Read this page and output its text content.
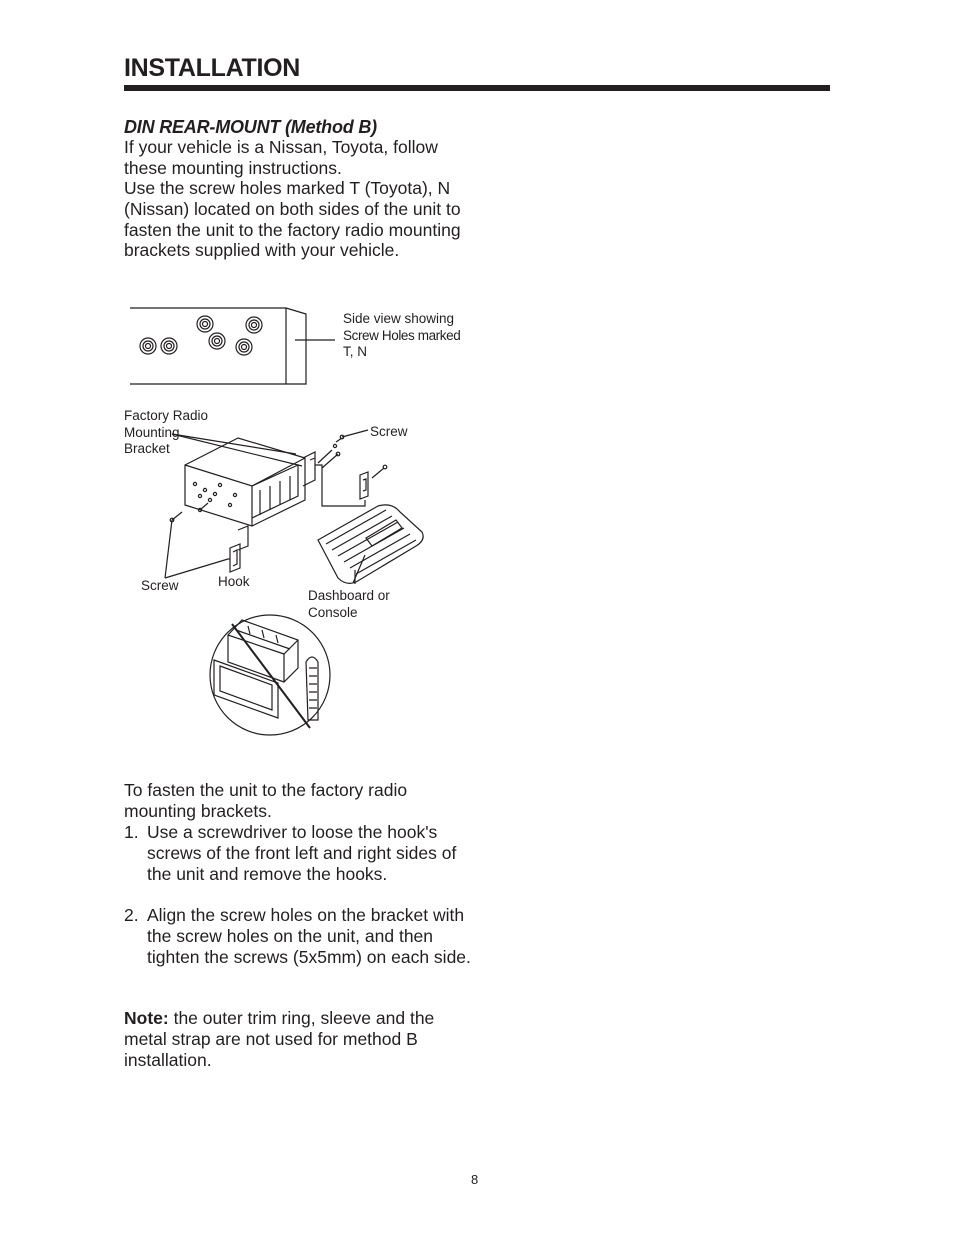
INSTALLATION
DIN REAR-MOUNT (Method B)
If your vehicle is a Nissan, Toyota, follow these mounting instructions.
Use the screw holes marked T (Toyota), N (Nissan) located on both sides of the unit to fasten the unit to the factory radio mounting brackets supplied with your vehicle.
Side view showing
Screw Holes marked
T, N
Factory Radio
Mounting
Bracket
Screw
Screw	Hook
Dashboard or
Console
To fasten the unit to the factory radio mounting brackets.
1. Use a screwdriver to loose the hook's screws of the front left and right sides of the unit and remove the hooks.
2. Align the screw holes on the bracket with the screw holes on the unit, and then tighten the screws (5x5mm) on each side.
Note: the outer trim ring, sleeve and the metal strap are not used for method B installation.
8
